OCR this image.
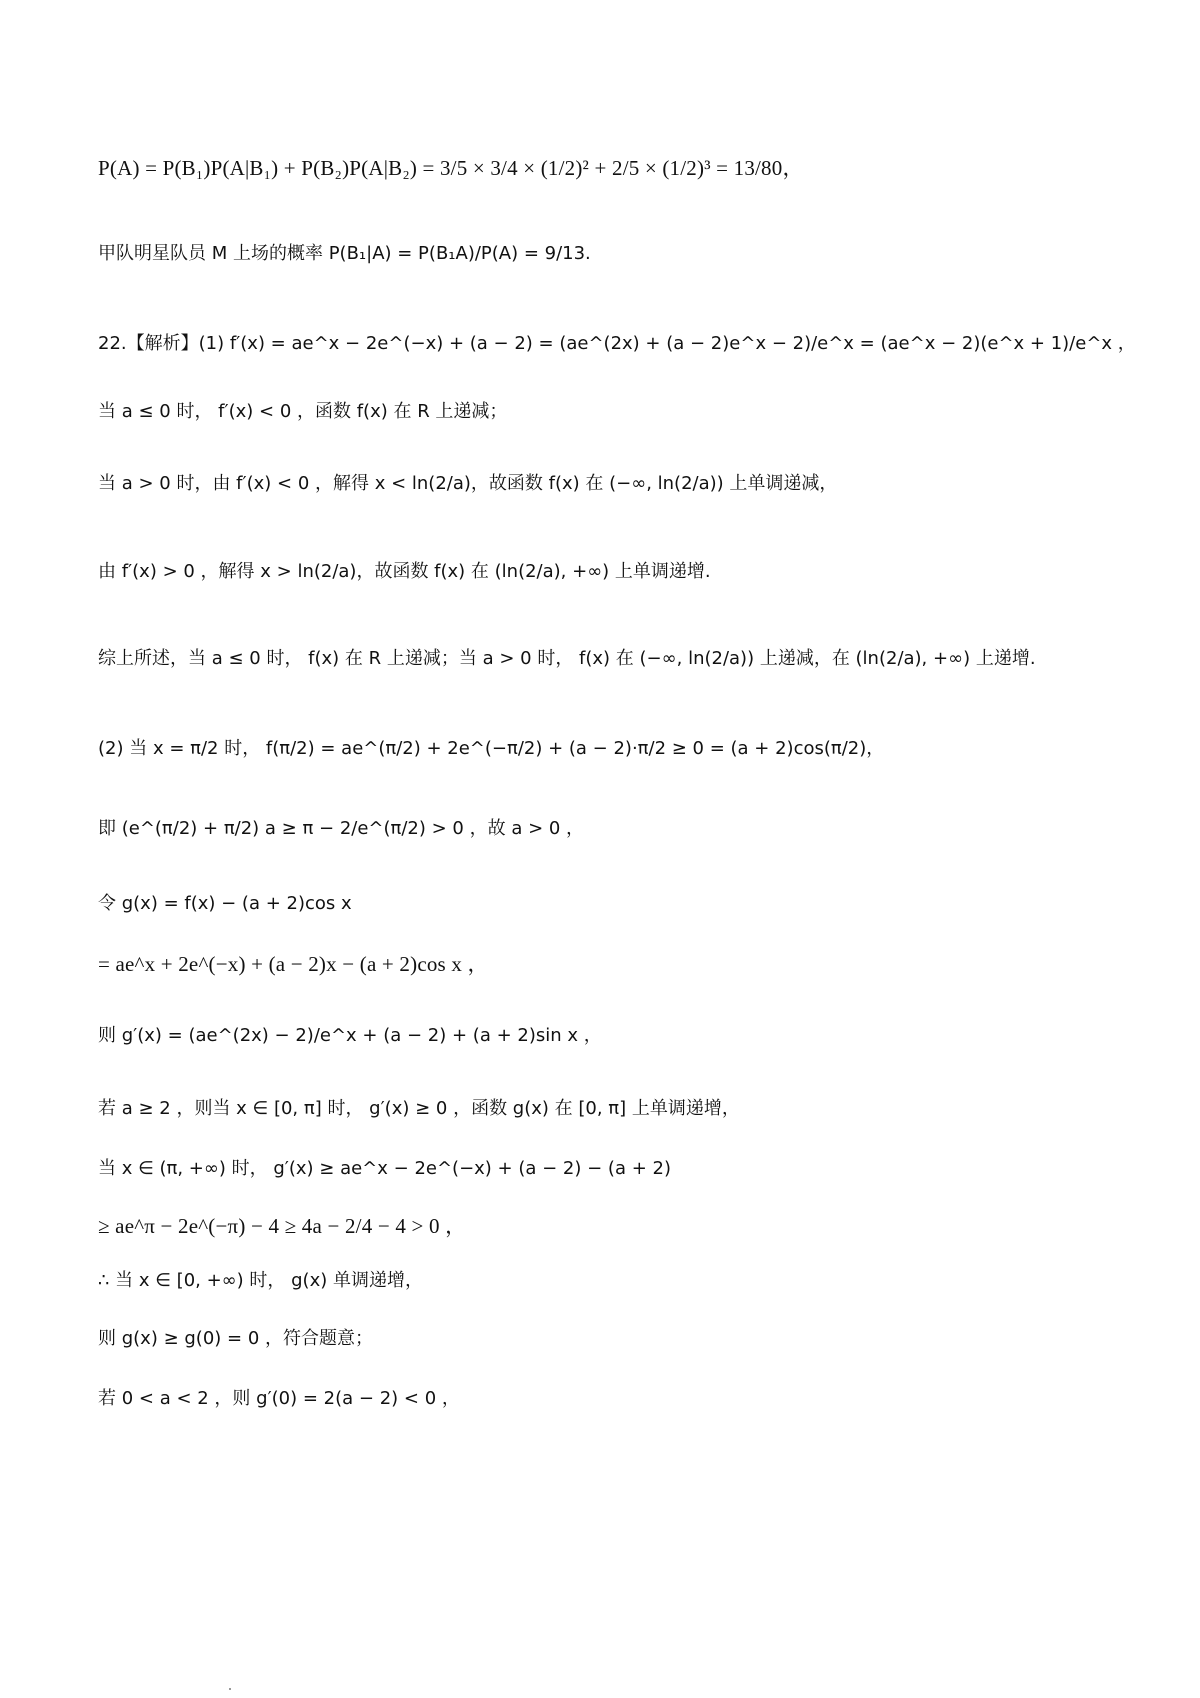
P(A) = P(B₁)P(A|B₁) + P(B₂)P(A|B₂) = 3/5 × 3/4 × (1/2)² + 2/5 × (1/2)³ = 13/80，
甲队明星队员 M 上场的概率 P(B₁|A) = P(B₁A)/P(A) = 9/13.
22.【解析】(1) f′(x) = ae^x − 2e^(−x) + (a − 2) = (ae^(2x) + (a − 2)e^x − 2)/e^x = (ae^x − 2)(e^x + 1)/e^x ，
当 a ≤ 0 时， f′(x) < 0 ，函数 f(x) 在 R 上递减；
当 a > 0 时，由 f′(x) < 0 ，解得 x < ln(2/a)，故函数 f(x) 在 (−∞, ln(2/a)) 上单调递减，
由 f′(x) > 0 ，解得 x > ln(2/a)，故函数 f(x) 在 (ln(2/a), +∞) 上单调递增.
综上所述，当 a ≤ 0 时， f(x) 在 R 上递减；当 a > 0 时， f(x) 在 (−∞, ln(2/a)) 上递减，在 (ln(2/a), +∞) 上递增.
(2) 当 x = π/2 时， f(π/2) = ae^(π/2) + 2e^(−π/2) + (a − 2)·π/2 ≥ 0 = (a + 2)cos(π/2)，
即 (e^(π/2) + π/2) a ≥ π − 2/e^(π/2) > 0 ，故 a > 0 ，
令 g(x) = f(x) − (a + 2)cos x
= ae^x + 2e^(−x) + (a − 2)x − (a + 2)cos x ，
则 g′(x) = (ae^(2x) − 2)/e^x + (a − 2) + (a + 2)sin x ，
若 a ≥ 2 ，则当 x ∈ [0, π] 时， g′(x) ≥ 0 ，函数 g(x) 在 [0, π] 上单调递增，
当 x ∈ (π, +∞) 时， g′(x) ≥ ae^x − 2e^(−x) + (a − 2) − (a + 2)
≥ ae^π − 2e^(−π) − 4 ≥ 4a − 2/4 − 4 > 0 ，
∴ 当 x ∈ [0, +∞) 时， g(x) 单调递增，
则 g(x) ≥ g(0) = 0 ，符合题意；
若 0 < a < 2 ，则 g′(0) = 2(a − 2) < 0 ，
